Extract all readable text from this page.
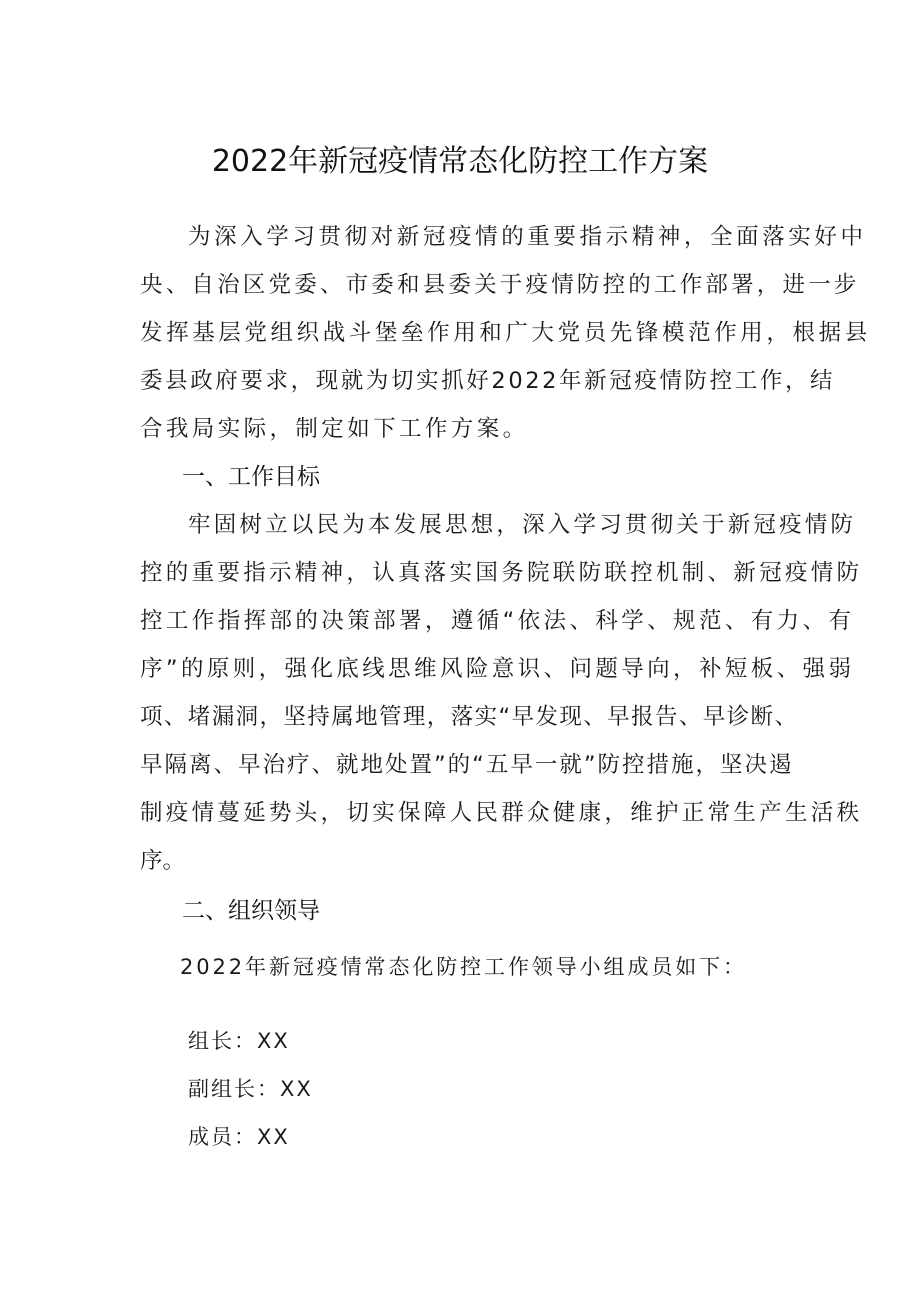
2022年新冠疫情常态化防控工作方案
为深入学习贯彻对新冠疫情的重要指示精神，全面落实好中
央、自治区党委、市委和县委关于疫情防控的工作部署，进一步
发挥基层党组织战斗堡垒作用和广大党员先锋模范作用，根据县
委县政府要求，现就为切实抓好2022年新冠疫情防控工作，结
合我局实际，制定如下工作方案。
一、工作目标
牢固树立以民为本发展思想，深入学习贯彻关于新冠疫情防
控的重要指示精神，认真落实国务院联防联控机制、新冠疫情防
控工作指挥部的决策部署，遵循“依法、科学、规范、有力、有
序”的原则，强化底线思维风险意识、问题导向，补短板、强弱
项、堵漏洞，坚持属地管理，落实“早发现、早报告、早诊断、
早隔离、早治疗、就地处置”的“五早一就”防控措施，坚决遏
制疫情蔓延势头，切实保障人民群众健康，维护正常生产生活秩
序。
二、组织领导
2022年新冠疫情常态化防控工作领导小组成员如下：
组长：XX
副组长：XX
成员：XX
